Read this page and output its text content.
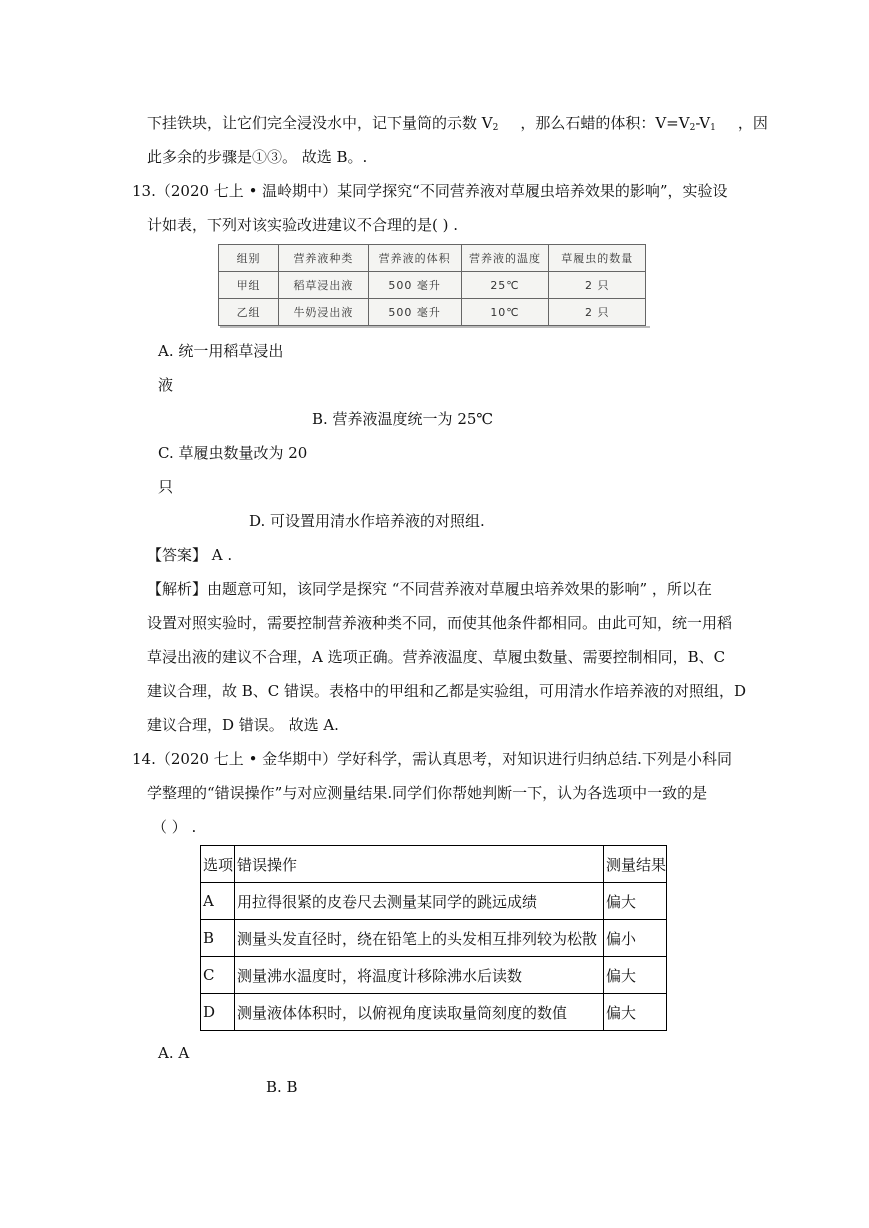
下挂铁块，让它们完全浸没水中，记下量筒的示数 $V_2$ ，那么石蜡的体积：$V=V_2-V_1$ ，因
此多余的步骤是①③。 故选 B。.
13.（2020 七上 • 温岭期中）某同学探究“不同营养液对草履虫培养效果的影响”，实验设
计如表，下列对该实验改进建议不合理的是( ) .
组别	营养液种类	营养液的体积	营养液的温度	草履虫的数量
甲组	稻草浸出液	500 毫升	25℃	2 只
乙组	牛奶浸出液	500 毫升	10℃	2 只
A. 统一用稻草浸出
液
B. 营养液温度统一为 25℃
C. 草履虫数量改为 20
只
D. 可设置用清水作培养液的对照组.
【答案】 A .
【解析】由题意可知，该同学是探究 “不同营养液对草履虫培养效果的影响” ，所以在
设置对照实验时，需要控制营养液种类不同，而使其他条件都相同。由此可知，统一用稻
草浸出液的建议不合理，A 选项正确。营养液温度、草履虫数量、需要控制相同，B、C
建议合理，故 B、C 错误。表格中的甲组和乙都是实验组，可用清水作培养液的对照组，D
建议合理，D 错误。 故选 A.
14.（2020 七上 • 金华期中）学好科学，需认真思考，对知识进行归纳总结.下列是小科同
学整理的“错误操作”与对应测量结果.同学们你帮她判断一下，认为各选项中一致的是
（ ） .
选项	错误操作	测量结果
A	用拉得很紧的皮卷尺去测量某同学的跳远成绩	偏大
B	测量头发直径时，绕在铅笔上的头发相互排列较为松散	偏小
C	测量沸水温度时，将温度计移除沸水后读数	偏大
D	测量液体体积时，以俯视角度读取量筒刻度的数值	偏大
A. A
B. B
